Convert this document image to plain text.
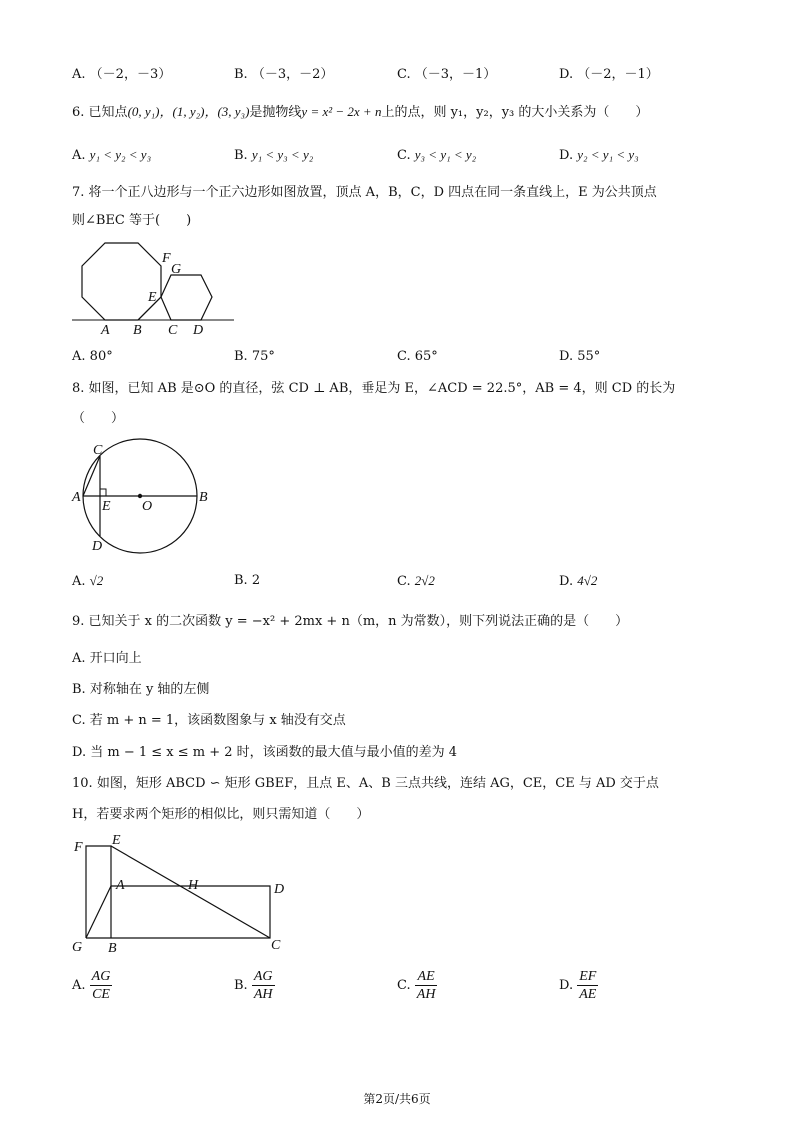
A. （－2，－3）	B. （－3，－2）	C. （－3，－1）	D. （－2，－1）
6. 已知点(0, y₁)，(1, y₂)，(3, y₃)是抛物线y = x² − 2x + n上的点，则 y₁，y₂，y₃ 的大小关系为（　　）
A. y₁ < y₂ < y₃	B. y₁ < y₃ < y₂	C. y₃ < y₁ < y₂	D. y₂ < y₁ < y₃
7. 将一个正八边形与一个正六边形如图放置，顶点 A，B，C，D 四点在同一条直线上，E 为公共顶点
则∠BEC 等于(　　)
A B C D
E
F
G
A. 80°	B. 75°	C. 65°	D. 55°
8. 如图，已知 AB 是⊙O 的直径，弦 CD ⊥ AB，垂足为 E，∠ACD = 22.5°，AB = 4，则 CD 的长为
（　　）
A	B
C
D
E O
A. √2	B. 2	C. 2√2	D. 4√2
9. 已知关于 x 的二次函数 y = −x² + 2mx + n（m，n 为常数），则下列说法正确的是（　　）
A. 开口向上
B. 对称轴在 y 轴的左侧
C. 若 m + n = 1，该函数图象与 x 轴没有交点
D. 当 m − 1 ≤ x ≤ m + 2 时，该函数的最大值与最小值的差为 4
10. 如图，矩形 ABCD ∽ 矩形 GBEF，且点 E、A、B 三点共线，连结 AG，CE，CE 与 AD 交于点
H，若要求两个矩形的相似比，则只需知道（　　）
F E
A	H	D
G B	C
A. $\frac{AG}{CE}$	B. $\frac{AG}{AH}$	C. $\frac{AE}{AH}$	D. $\frac{EF}{AE}$
第2页/共6页
